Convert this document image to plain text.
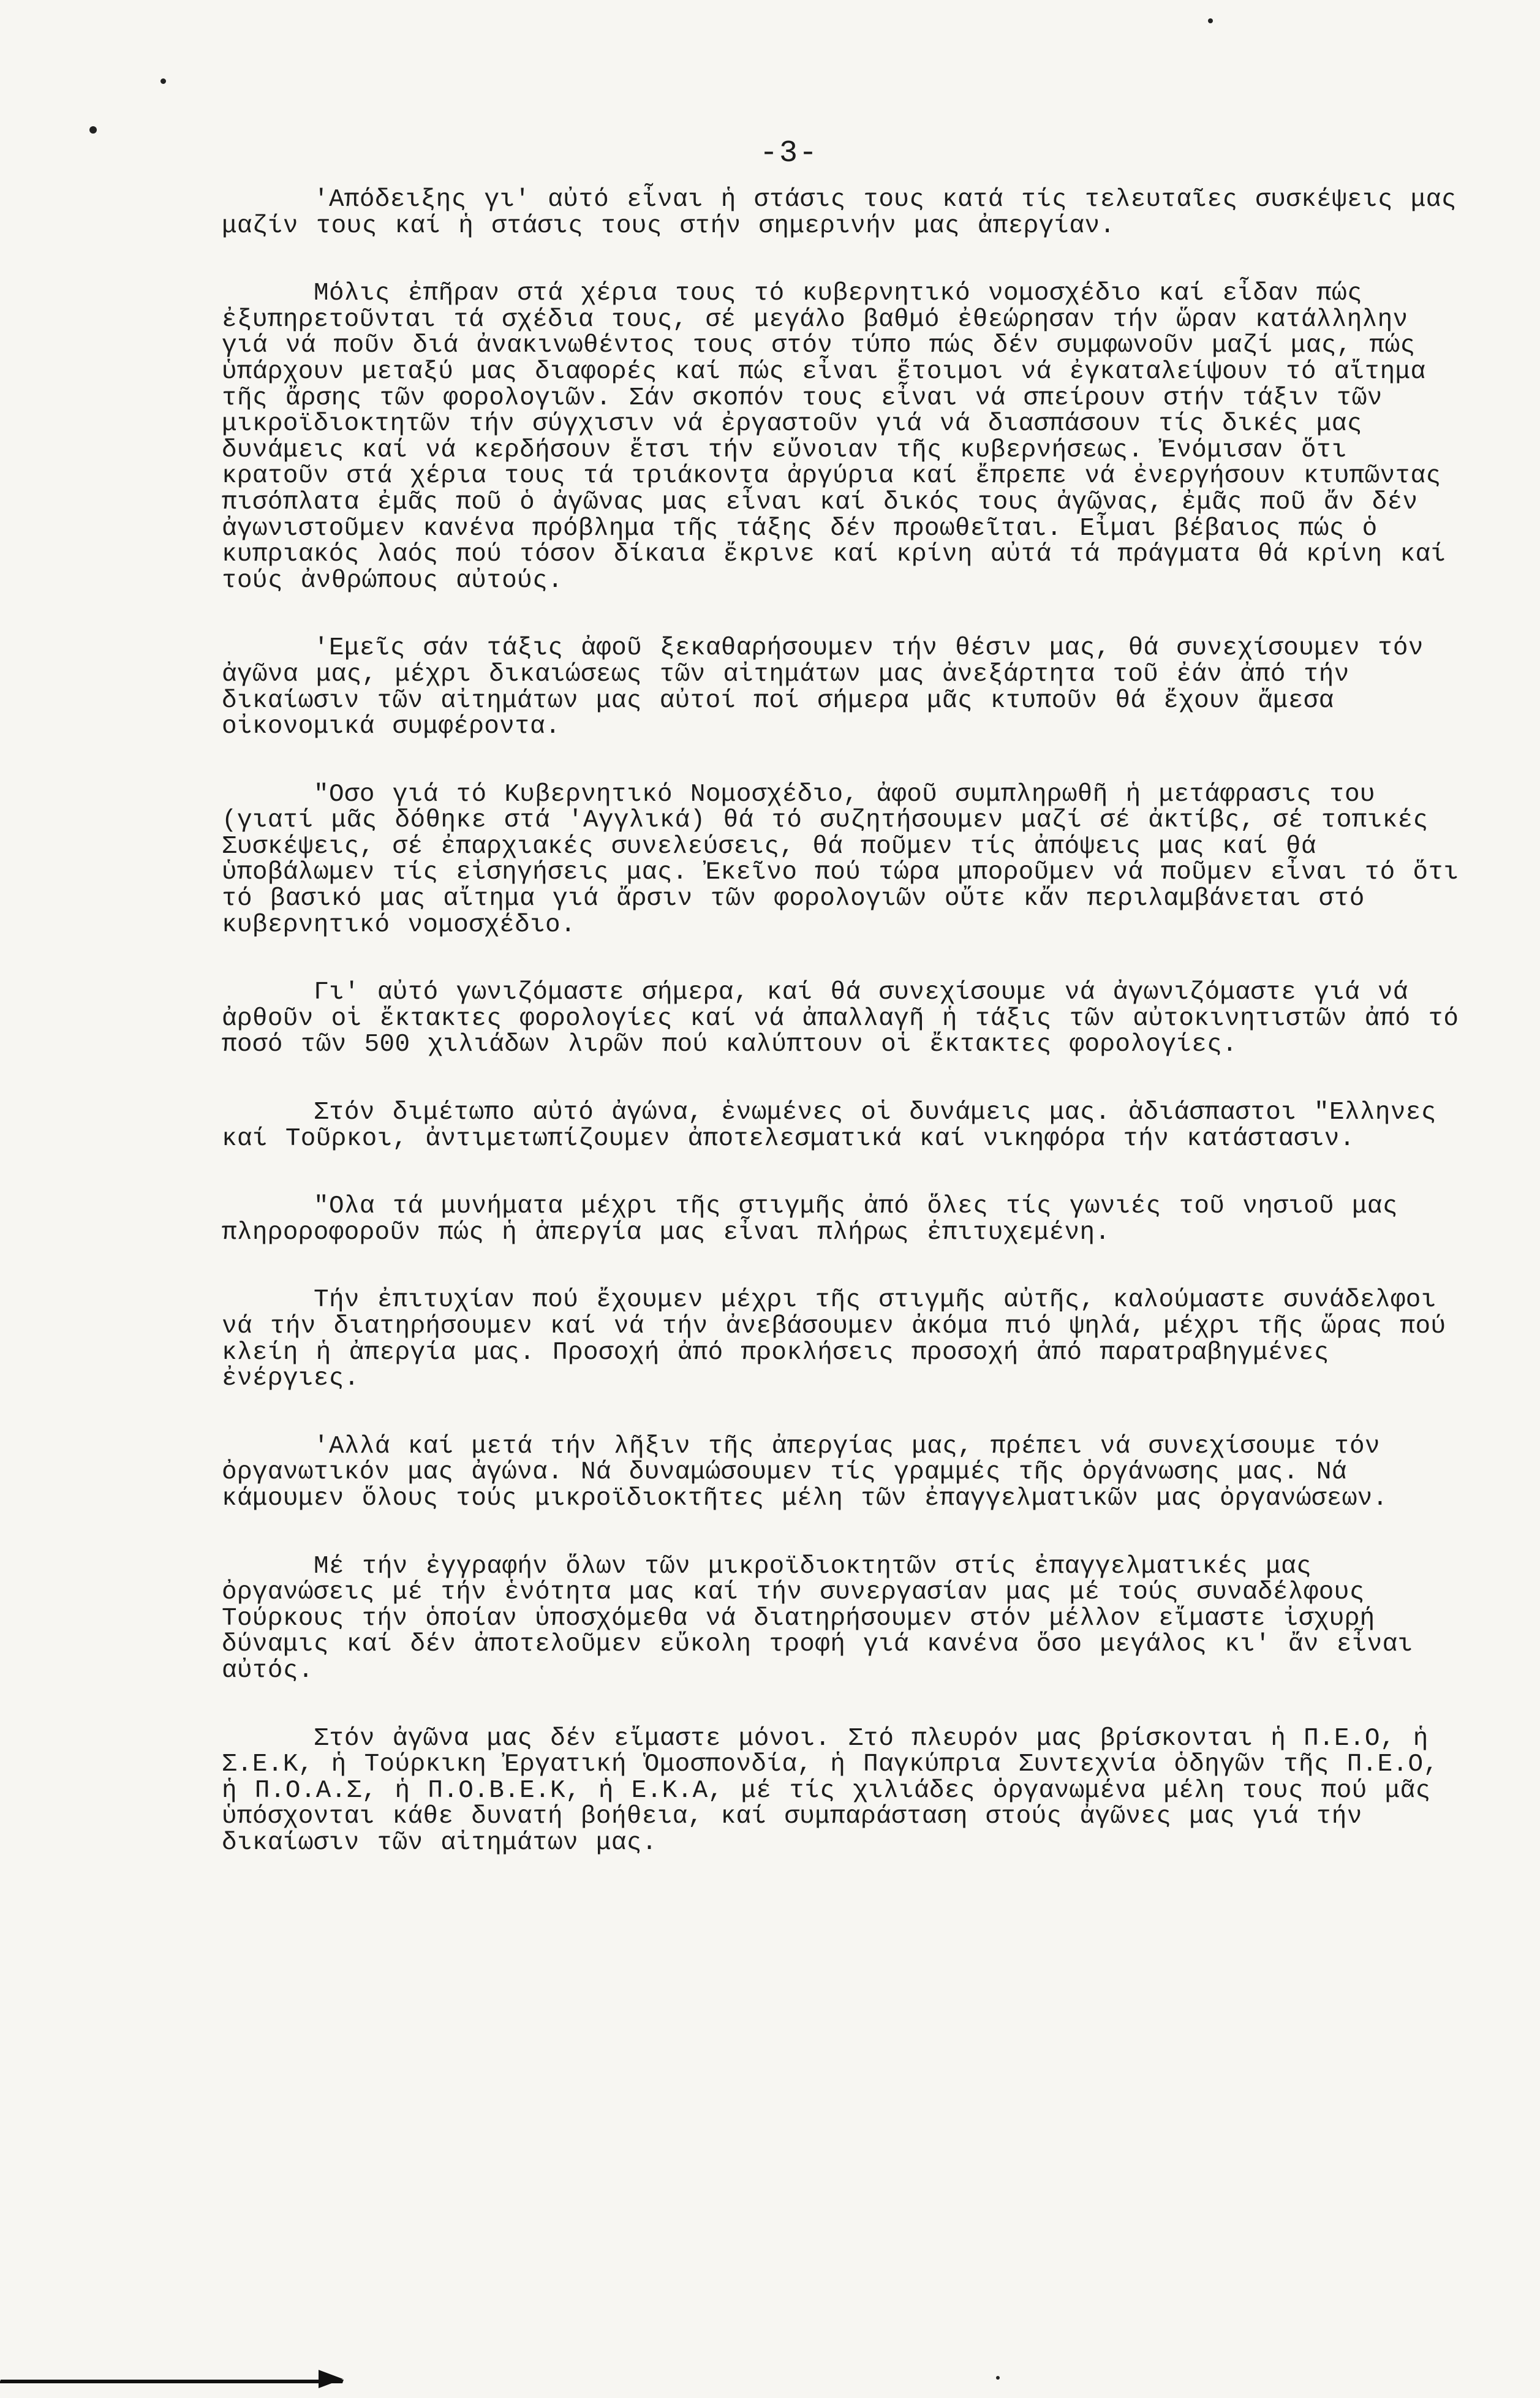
-3-

'Απόδειξης γι' αὐτό εἶναι ἡ στάσις τους κατά τίς τελευταῖες συσκέψεις μας μαζίν τους καί ἡ στάσις τους στήν σημερινήν μας ἀπεργίαν.

Μόλις ἐπῆραν στά χέρια τους τό κυβερνητικό νομοσχέδιο καί εἶδαν πώς ἐξυπηρετοῦνται τά σχέδια τους, σέ μεγάλο βαθμό ἐθεώρησαν τήν ὥραν κατάλληλην γιά νά ποῦν διά ἀνακινωθέντος τους στόν τύπο πώς δέν συμφωνοῦν μαζί μας, πώς ὑπάρχουν μεταξύ μας διαφορές καί πώς εἶναι ἕτοιμοι νά ἐγκαταλείψουν τό αἴτημα τῆς ἄρσης τῶν φορολογιῶν. Σάν σκοπόν τους εἶναι νά σπείρουν στήν τάξιν τῶν μικροϊδιοκτητῶν τήν σύγχισιν νά ἐργαστοῦν γιά νά διασπάσουν τίς δικές μας δυνάμεις καί νά κερδήσουν ἔτσι τήν εὔνοιαν τῆς κυβερνήσεως. Ἐνόμισαν ὅτι κρατοῦν στά χέρια τους τά τριάκοντα ἀργύρια καί ἔπρεπε νά ἐνεργήσουν κτυπῶντας πισόπλατα ἐμᾶς ποῦ ὁ ἀγῶνας μας εἶναι καί δικός τους ἀγῶνας, ἐμᾶς ποῦ ἄν δέν ἀγωνιστοῦμεν κανένα πρόβλημα τῆς τάξης δέν προωθεῖται. Εἶμαι βέβαιος πώς ὁ κυπριακός λαός πού τόσον δίκαια ἔκρινε καί κρίνη αὐτά τά πράγματα θά κρίνη καί τούς ἀνθρώπους αὐτούς.

'Εμεῖς σάν τάξις ἀφοῦ ξεκαθαρήσουμεν τήν θέσιν μας, θά συνεχίσουμεν τόν ἀγῶνα μας, μέχρι δικαιώσεως τῶν αἰτημάτων μας ἀνεξάρτητα τοῦ ἐάν ἀπό τήν δικαίωσιν τῶν αἰτημάτων μας αὐτοί ποί σήμερα μᾶς κτυποῦν θά ἔχουν ἄμεσα οἰκονομικά συμφέροντα.

"Οσο γιά τό Κυβερνητικό Νομοσχέδιο, ἀφοῦ συμπληρωθῆ ἡ μετάφρασις του (γιατί μᾶς δόθηκε στά 'Αγγλικά) θά τό συζητήσουμεν μαζί σέ ἀκτίβς, σέ τοπικές Συσκέψεις, σέ ἐπαρχιακές συνελεύσεις, θά ποῦμεν τίς ἀπόψεις μας καί θά ὑποβάλωμεν τίς εἰσηγήσεις μας. Ἐκεῖνο πού τώρα μποροῦμεν νά ποῦμεν εἶναι τό ὅτι τό βασικό μας αἴτημα γιά ἄρσιν τῶν φορολογιῶν οὔτε κἄν περιλαμβάνεται στό κυβερνητικό νομοσχέδιο.

Γι' αὐτό γωνιζόμαστε σήμερα, καί θά συνεχίσουμε νά ἀγωνιζόμαστε γιά νά ἀρθοῦν οἱ ἔκτακτες φορολογίες καί νά ἀπαλλαγῆ ἡ τάξις τῶν αὐτοκινητιστῶν ἀπό τό ποσό τῶν 500 χιλιάδων λιρῶν πού καλύπτουν οἱ ἔκτακτες φορολογίες.

Στόν διμέτωπο αὐτό ἀγώνα, ἑνωμένες οἱ δυνάμεις μας. ἀδιάσπαστοι "Ελληνες καί Τοῦρκοι, ἀντιμετωπίζουμεν ἀποτελεσματικά καί νικηφόρα τήν κατάστασιν.

"Ολα τά μυνήματα μέχρι τῆς στιγμῆς ἀπό ὅλες τίς γωνιές τοῦ νησιοῦ μας πληροροφοροῦν πώς ἡ ἀπεργία μας εἶναι πλήρως ἐπιτυχεμένη.

Τήν ἐπιτυχίαν πού ἔχουμεν μέχρι τῆς στιγμῆς αὐτῆς, καλούμαστε συνάδελφοι νά τήν διατηρήσουμεν καί νά τήν ἀνεβάσουμεν ἀκόμα πιό ψηλά, μέχρι τῆς ὥρας πού κλείη ἡ ἀπεργία μας. Προσοχή ἀπό προκλήσεις προσοχή ἀπό παρατραβηγμένες ἐνέργιες.

'Αλλά καί μετά τήν λῆξιν τῆς ἀπεργίας μας, πρέπει νά συνεχίσουμε τόν ὀργανωτικόν μας ἀγώνα. Νά δυναμώσουμεν τίς γραμμές τῆς ὀργάνωσης μας. Νά κάμουμεν ὅλους τούς μικροϊδιοκτῆτες μέλη τῶν ἐπαγγελματικῶν μας ὀργανώσεων.

Μέ τήν ἐγγραφήν ὅλων τῶν μικροϊδιοκτητῶν στίς ἐπαγγελματικές μας ὀργανώσεις μέ τήν ἑνότητα μας καί τήν συνεργασίαν μας μέ τούς συναδέλφους Τούρκους τήν ὁποίαν ὑποσχόμεθα νά διατηρήσουμεν στόν μέλλον εἴμαστε ἰσχυρή δύναμις καί δέν ἀποτελοῦμεν εὔκολη τροφή γιά κανένα ὅσο μεγάλος κι' ἄν εἶναι αὐτός.

Στόν ἀγῶνα μας δέν εἴμαστε μόνοι. Στό πλευρόν μας βρίσκονται ἡ Π.Ε.Ο, ἡ Σ.Ε.Κ, ἡ Τούρκικη Ἐργατική Ὁμοσπονδία, ἡ Παγκύπρια Συντεχνία ὁδηγῶν τῆς Π.Ε.Ο, ἡ Π.Ο.Α.Σ, ἡ Π.Ο.Β.Ε.Κ, ἡ Ε.Κ.Α, μέ τίς χιλιάδες ὀργανωμένα μέλη τους πού μᾶς ὑπόσχονται κάθε δυνατή βοήθεια, καί συμπαράσταση στούς ἀγῶνες μας γιά τήν δικαίωσιν τῶν αἰτημάτων μας.
